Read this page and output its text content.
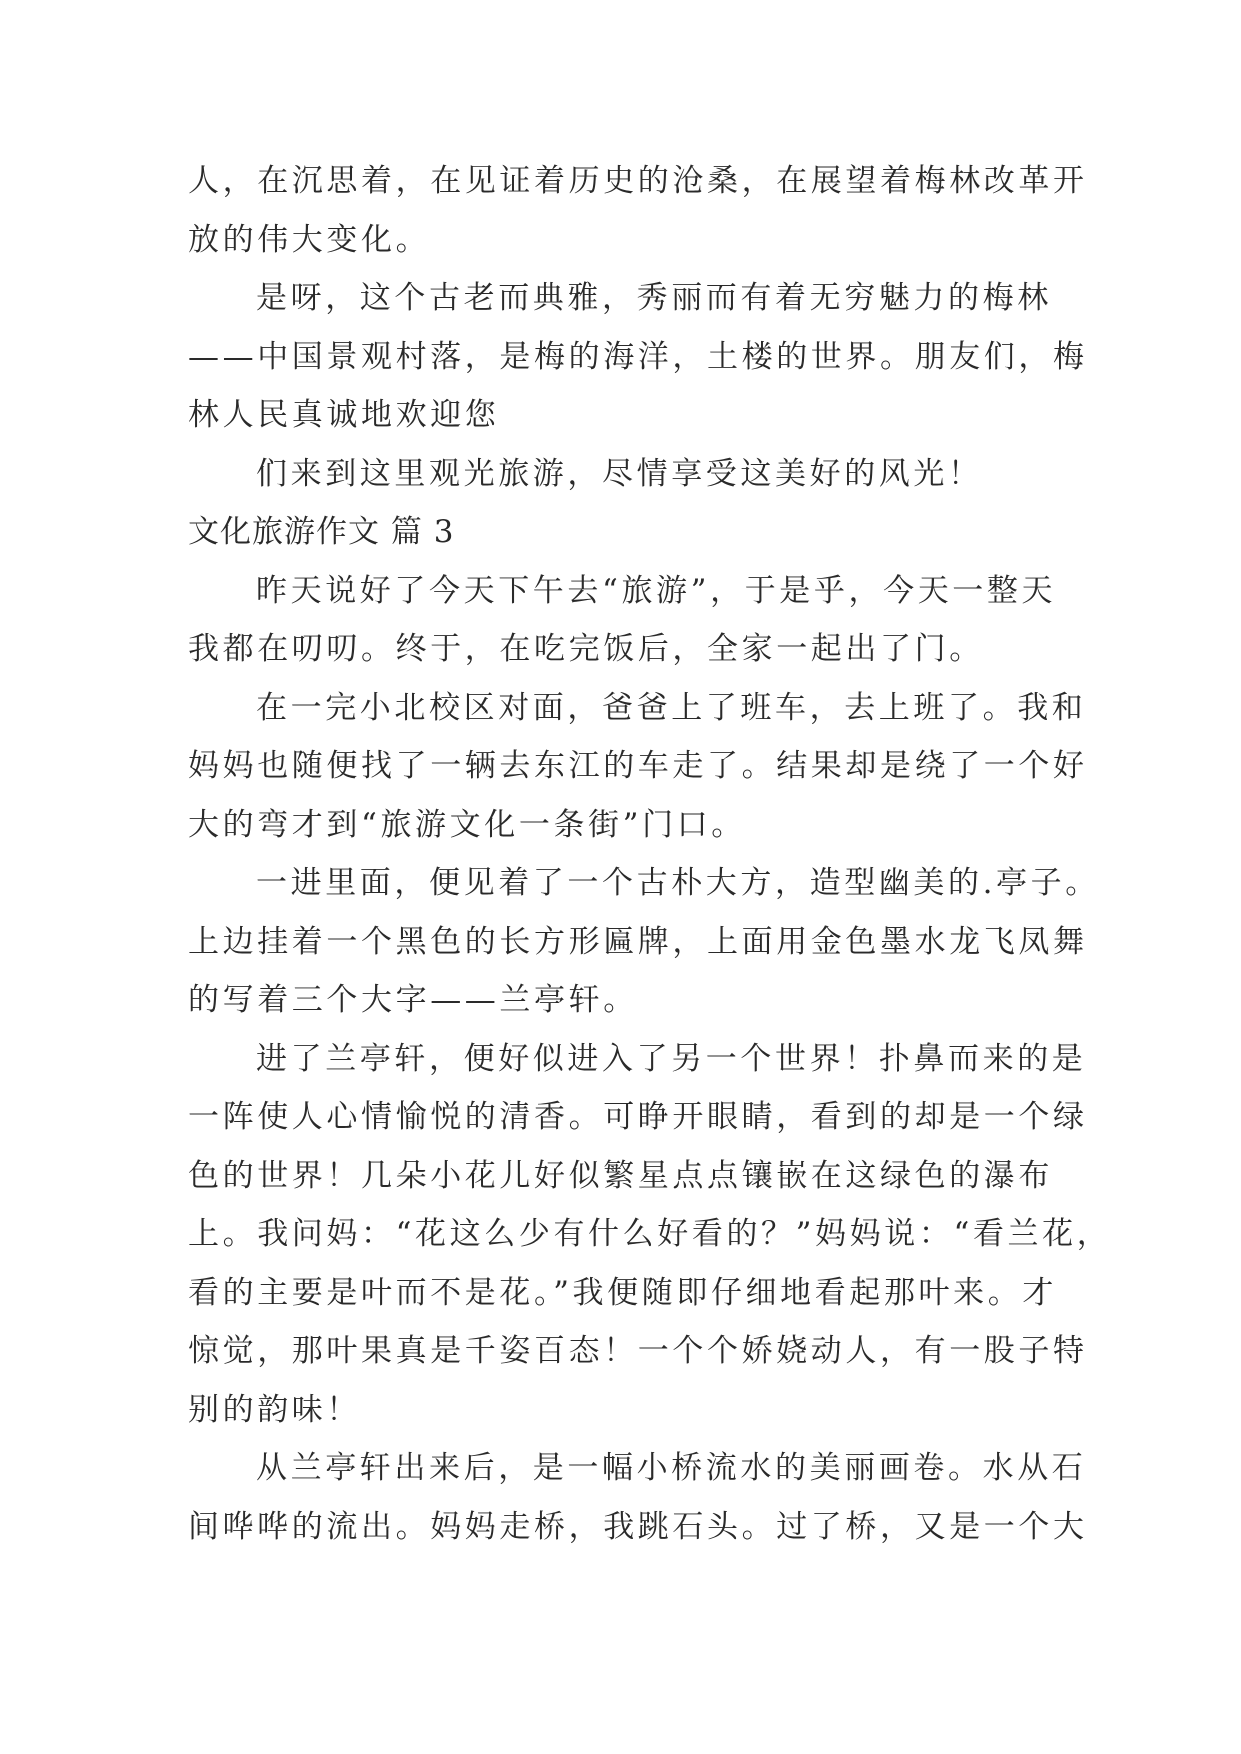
人，在沉思着，在见证着历史的沧桑，在展望着梅林改革开
放的伟大变化。
是呀，这个古老而典雅，秀丽而有着无穷魅力的梅林
——中国景观村落，是梅的海洋，土楼的世界。朋友们，梅
林人民真诚地欢迎您
们来到这里观光旅游，尽情享受这美好的风光！
文化旅游作文 篇 3
昨天说好了今天下午去“旅游”，于是乎，今天一整天
我都在叨叨。终于，在吃完饭后，全家一起出了门。
在一完小北校区对面，爸爸上了班车，去上班了。我和
妈妈也随便找了一辆去东江的车走了。结果却是绕了一个好
大的弯才到“旅游文化一条街”门口。
一进里面，便见着了一个古朴大方，造型幽美的.亭子。
上边挂着一个黑色的长方形匾牌，上面用金色墨水龙飞凤舞
的写着三个大字——兰亭轩。
进了兰亭轩，便好似进入了另一个世界！扑鼻而来的是
一阵使人心情愉悦的清香。可睁开眼睛，看到的却是一个绿
色的世界！几朵小花儿好似繁星点点镶嵌在这绿色的瀑布
上。我问妈：“花这么少有什么好看的？”妈妈说：“看兰花，
看的主要是叶而不是花。”我便随即仔细地看起那叶来。才
惊觉，那叶果真是千姿百态！一个个娇娆动人，有一股子特
别的韵味！
从兰亭轩出来后，是一幅小桥流水的美丽画卷。水从石
间哗哗的流出。妈妈走桥，我跳石头。过了桥，又是一个大
